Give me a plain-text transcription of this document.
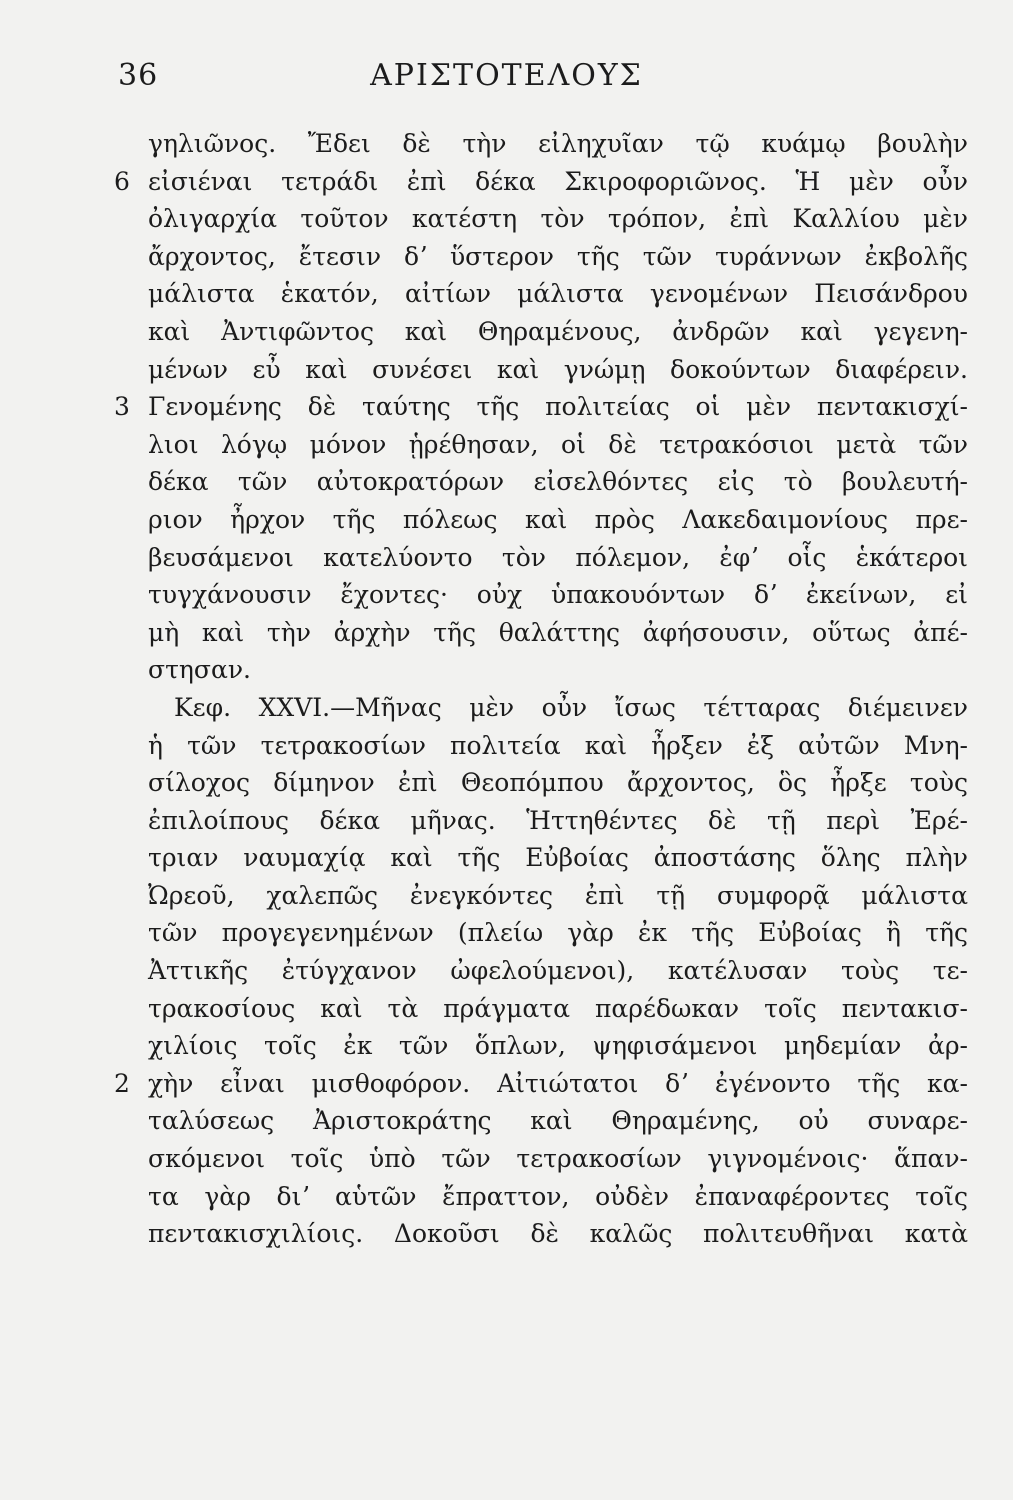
36	ΑΡΙΣΤΟΤΕΛΟΥΣ
γηλιῶνος. Ἔδει δὲ τὴν εἰληχυῖαν τῷ κυάμῳ βουλὴν
6 εἰσιέναι τετράδι ἐπὶ δέκα Σκιροφοριῶνος. Ἡ μὲν οὖν
ὀλιγαρχία τοῦτον κατέστη τὸν τρόπον, ἐπὶ Καλλίου μὲν
ἄρχοντος, ἔτεσιν δʼ ὕστερον τῆς τῶν τυράννων ἐκβολῆς
μάλιστα ἑκατόν, αἰτίων μάλιστα γενομένων Πεισάνδρου
καὶ Ἀντιφῶντος καὶ Θηραμένους, ἀνδρῶν καὶ γεγενη-
μένων εὖ καὶ συνέσει καὶ γνώμῃ δοκούντων διαφέρειν.
3 Γενομένης δὲ ταύτης τῆς πολιτείας οἱ μὲν πεντακισχί-
λιοι λόγῳ μόνον ᾑρέθησαν, οἱ δὲ τετρακόσιοι μετὰ τῶν
δέκα τῶν αὐτοκρατόρων εἰσελθόντες εἰς τὸ βουλευτή-
ριον ἦρχον τῆς πόλεως καὶ πρὸς Λακεδαιμονίους πρε-
βευσάμενοι κατελύοντο τὸν πόλεμον, ἐφʼ οἷς ἑκάτεροι
τυγχάνουσιν ἔχοντες· οὐχ ὑπακουόντων δʼ ἐκείνων, εἰ
μὴ καὶ τὴν ἀρχὴν τῆς θαλάττης ἀφήσουσιν, οὕτως ἀπέ-
στησαν.
Κεφ. XXVI.—Μῆνας μὲν οὖν ἴσως τέτταρας διέμεινεν
ἡ τῶν τετρακοσίων πολιτεία καὶ ἦρξεν ἐξ αὐτῶν Μνη-
σίλοχος δίμηνον ἐπὶ Θεοπόμπου ἄρχοντος, ὃς ἦρξε τοὺς
ἐπιλοίπους δέκα μῆνας. Ἡττηθέντες δὲ τῇ περὶ Ἐρέ-
τριαν ναυμαχίᾳ καὶ τῆς Εὐβοίας ἀποστάσης ὅλης πλὴν
Ὠρεοῦ, χαλεπῶς ἐνεγκόντες ἐπὶ τῇ συμφορᾷ μάλιστα
τῶν προγεγενημένων (πλείω γὰρ ἐκ τῆς Εὐβοίας ἢ τῆς
Ἀττικῆς ἐτύγχανον ὠφελούμενοι), κατέλυσαν τοὺς τε-
τρακοσίους καὶ τὰ πράγματα παρέδωκαν τοῖς πεντακισ-
χιλίοις τοῖς ἐκ τῶν ὅπλων, ψηφισάμενοι μηδεμίαν ἀρ-
2 χὴν εἶναι μισθοφόρον. Αἰτιώτατοι δʼ ἐγένοντο τῆς κα-
ταλύσεως Ἀριστοκράτης καὶ Θηραμένης, οὐ συναρε-
σκόμενοι τοῖς ὑπὸ τῶν τετρακοσίων γιγνομένοις· ἅπαν-
τα γὰρ διʼ αὑτῶν ἔπραττον, οὐδὲν ἐπαναφέροντες τοῖς
πεντακισχιλίοις. Δοκοῦσι δὲ καλῶς πολιτευθῆναι κατὰ
